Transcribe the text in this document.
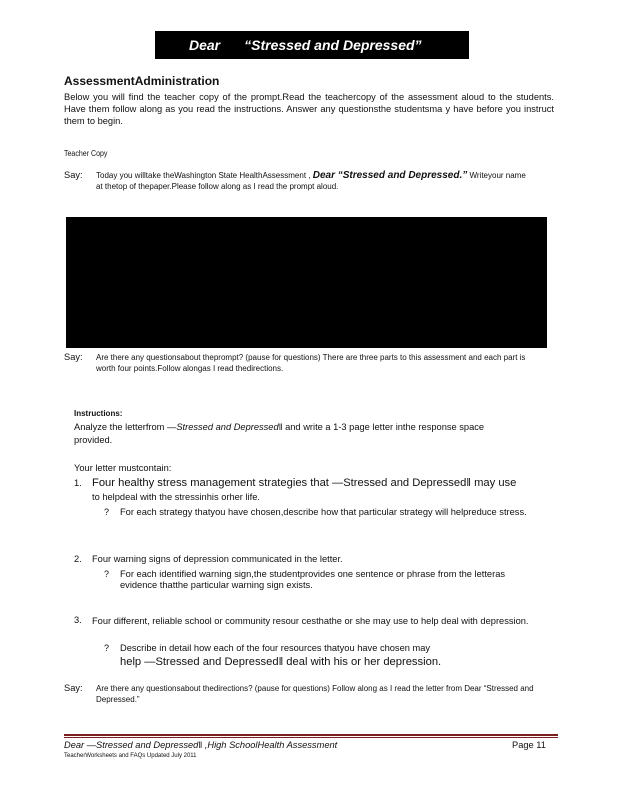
Dear “Stressed and Depressed”
AssessmentAdministration
Below you will find the teacher copy of the prompt.Read the teachercopy of the assessment aloud to the students. Have them follow along as you read the instructions. Answer any questionsthe studentsma y have before you instruct them to begin.
Teacher Copy
Say: Today you willtake theWashington State HealthAssessment , Dear “Stressed and Depressed.” Writeyour name at thetop of thepaper.Please follow along as I read the prompt aloud.
Say: Are there any questionsabout theprompt? (pause for questions) There are three parts to this assessment and each part is worth four points.Follow alongas I read thedirections.
Instructions:
Analyze the letterfrom —Stressed and Depressedǁ and write a 1-3 page letter inthe response space provided.
Your letter mustcontain:
1. Four healthy stress management strategies that —Stressed and Depressedǁ may use
to helpdeal with the stressinhis orher life.
? For each strategy thatyou have chosen,describe how that particular strategy will helpreduce stress.
2. Four warning signs of depression communicated in the letter.
? For each identified warning sign,the studentprovides one sentence or phrase from the letteras evidence thatthe particular warning sign exists.
3. Four different, reliable school or community resour cesthathe or she may use to help deal with depression.
? Describe in detail how each of the four resources thatyou have chosen may
help —Stressed and Depressedǁ deal with his or her depression.
Say: Are there any questionsabout thedirections? (pause for questions) Follow along as I read the letter from Dear “Stressed and Depressed.”
Dear —Stressed and Depressedǁ ,High SchoolHealth Assessment
TeacherWorksheets and FAQs Updated July 2011
Page 11
